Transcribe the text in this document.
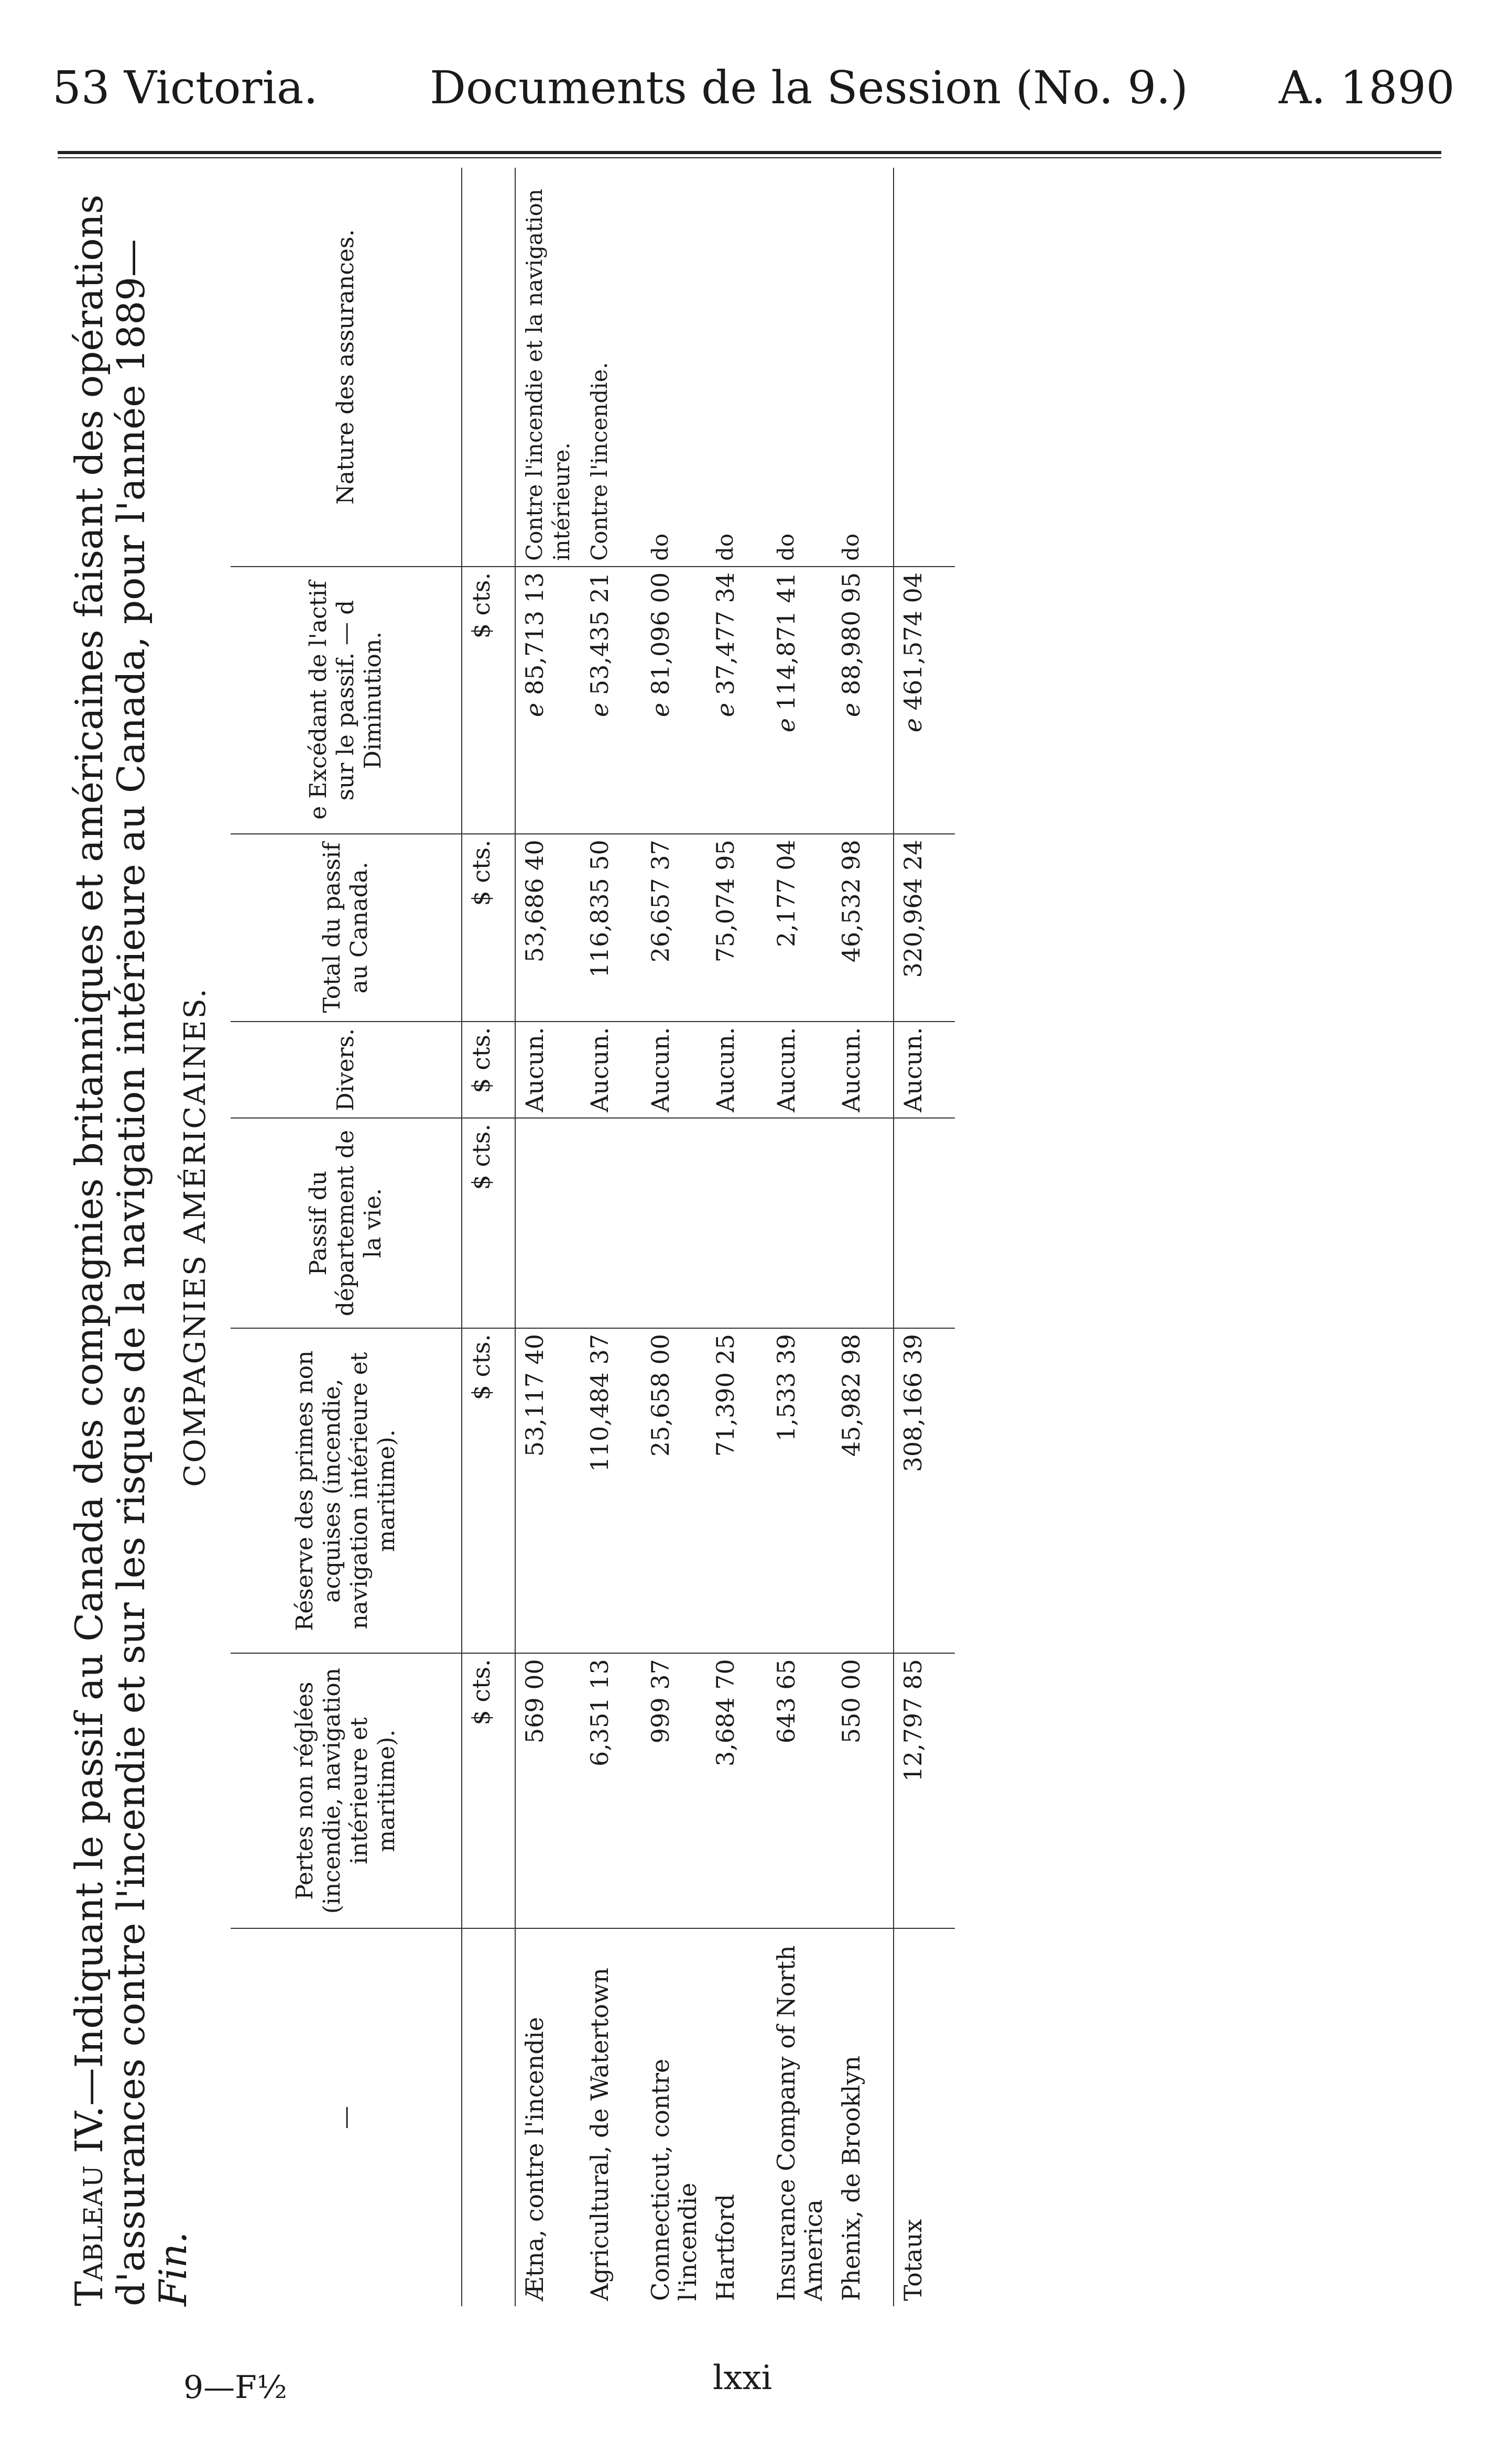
53 Victoria. Documents de la Session (No. 9.) A. 1890
Tableau IV.—Indiquant le passif au Canada des compagnies britanniques et américaines faisant des opérations d'assurances contre l'incendie et sur les risques de la navigation intérieure au Canada, pour l'année 1889—Fin.
COMPAGNIES AMÉRICAINES.
—	Pertes non réglées (incendie, navigation intérieure et maritime).	Réserve des primes non acquises (incendie, navigation intérieure et maritime).	Passif du département de la vie.	Divers.	Total du passif au Canada.	e Excédant de l'actif sur le passif. — d Diminution.	Nature des assurances.
	$ cts.	$ cts.	$ cts.	$ cts.	$ cts.	$ cts.	
Ætna, contre l'incendie	569 00	53,117 40		Aucun.	53,686 40	e 85,713 13	Contre l'incendie et la navigation intérieure.
Agricultural, de Watertown	6,351 13	110,484 37		Aucun.	116,835 50	e 53,435 21	Contre l'incendie.
Connecticut, contre l'incendie	999 37	25,658 00		Aucun.	26,657 37	e 81,096 00	do
Hartford	3,684 70	71,390 25		Aucun.	75,074 95	e 37,477 34	do
Insurance Company of North America	643 65	1,533 39		Aucun.	2,177 04	e 114,871 41	do
Phenix, de Brooklyn	550 00	45,982 98		Aucun.	46,532 98	e 88,980 95	do
Totaux	12,797 85	308,166 39		Aucun.	320,964 24	e 461,574 04	
9—F½	lxxi
